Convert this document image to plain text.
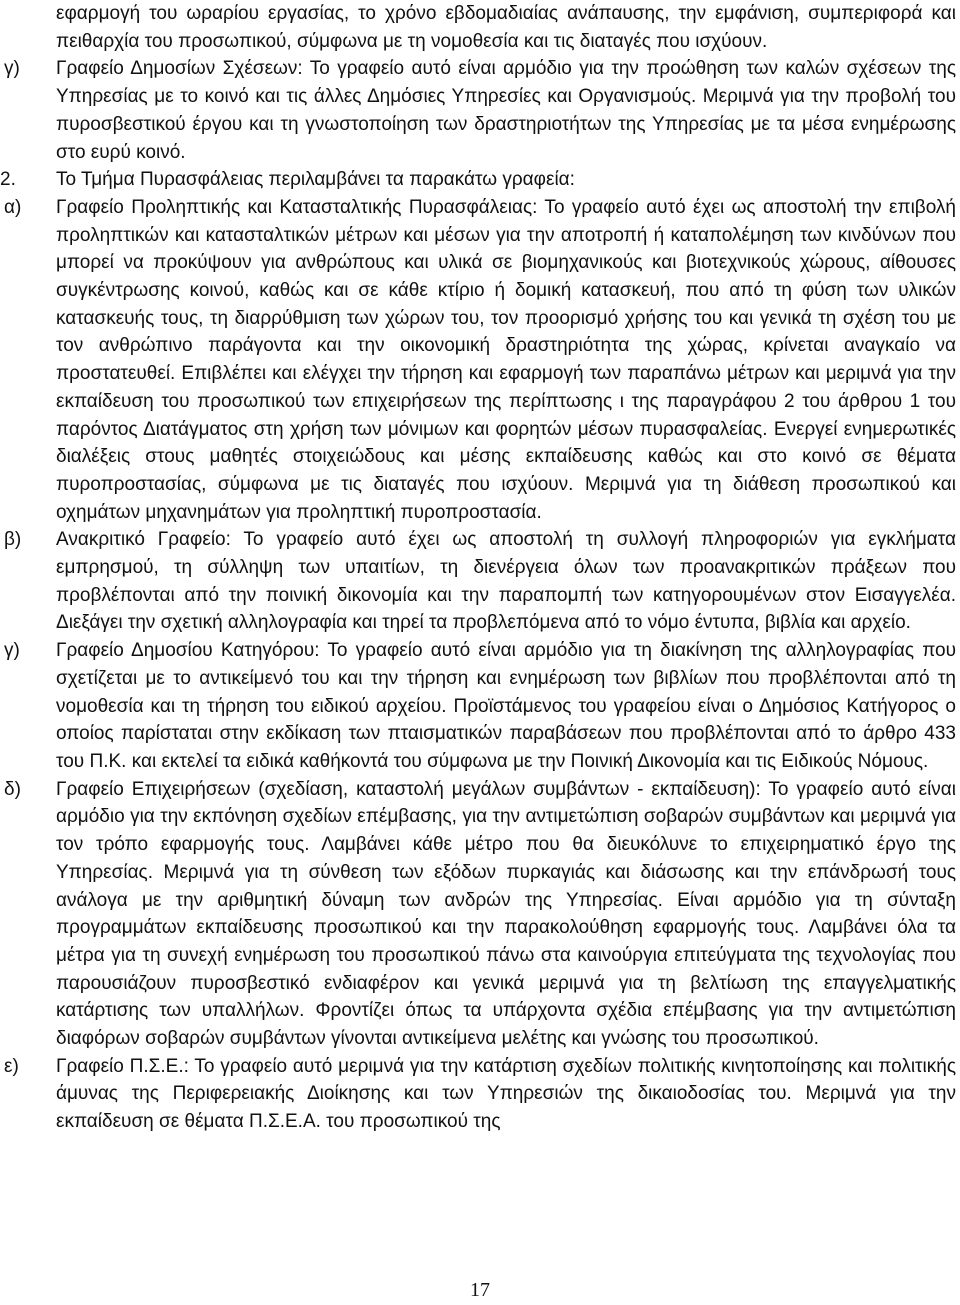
εφαρμογή του ωραρίου εργασίας, το χρόνο εβδομαδιαίας ανάπαυσης, την εμφάνιση, συμπεριφορά και πειθαρχία του προσωπικού, σύμφωνα με τη νομοθεσία και τις διαταγές που ισχύουν.

γ) Γραφείο Δημοσίων Σχέσεων: Το γραφείο αυτό είναι αρμόδιο για την προώθηση των καλών σχέσεων της Υπηρεσίας με το κοινό και τις άλλες Δημόσιες Υπηρεσίες και Οργανισμούς. Μεριμνά για την προβολή του πυροσβεστικού έργου και τη γνωστοποίηση των δραστηριοτήτων της Υπηρεσίας με τα μέσα ενημέρωσης στο ευρύ κοινό.

2. Το Τμήμα Πυρασφάλειας περιλαμβάνει τα παρακάτω γραφεία:

α) Γραφείο Προληπτικής και Κατασταλτικής Πυρασφάλειας: Το γραφείο αυτό έχει ως αποστολή την επιβολή προληπτικών και κατασταλτικών μέτρων και μέσων για την αποτροπή ή καταπολέμηση των κινδύνων που μπορεί να προκύψουν για ανθρώπους και υλικά σε βιομηχανικούς και βιοτεχνικούς χώρους, αίθουσες συγκέντρωσης κοινού, καθώς και σε κάθε κτίριο ή δομική κατασκευή, που από τη φύση των υλικών κατασκευής τους, τη διαρρύθμιση των χώρων του, τον προορισμό χρήσης του και γενικά τη σχέση του με τον ανθρώπινο παράγοντα και την οικονομική δραστηριότητα της χώρας, κρίνεται αναγκαίο να προστατευθεί. Επιβλέπει και ελέγχει την τήρηση και εφαρμογή των παραπάνω μέτρων και μεριμνά για την εκπαίδευση του προσωπικού των επιχειρήσεων της περίπτωσης ι της παραγράφου 2 του άρθρου 1 του παρόντος Διατάγματος στη χρήση των μόνιμων και φορητών μέσων πυρασφαλείας. Ενεργεί ενημερωτικές διαλέξεις στους μαθητές στοιχειώδους και μέσης εκπαίδευσης καθώς και στο κοινό σε θέματα πυροπροστασίας, σύμφωνα με τις διαταγές που ισχύουν. Μεριμνά για τη διάθεση προσωπικού και οχημάτων μηχανημάτων για προληπτική πυροπροστασία.
β) Ανακριτικό Γραφείο: Το γραφείο αυτό έχει ως αποστολή τη συλλογή πληροφοριών για εγκλήματα εμπρησμού, τη σύλληψη των υπαιτίων, τη διενέργεια όλων των προανακριτικών πράξεων που προβλέπονται από την ποινική δικονομία και την παραπομπή των κατηγορουμένων στον Εισαγγελέα. Διεξάγει την σχετική αλληλογραφία και τηρεί τα προβλεπόμενα από το νόμο έντυπα, βιβλία και αρχείο.
γ) Γραφείο Δημοσίου Κατηγόρου: Το γραφείο αυτό είναι αρμόδιο για τη διακίνηση της αλληλογραφίας που σχετίζεται με το αντικείμενό του και την τήρηση και ενημέρωση των βιβλίων που προβλέπονται από τη νομοθεσία και τη τήρηση του ειδικού αρχείου. Προϊστάμενος του γραφείου είναι ο Δημόσιος Κατήγορος ο οποίος παρίσταται στην εκδίκαση των πταισματικών παραβάσεων που προβλέπονται από το άρθρο 433 του Π.Κ. και εκτελεί τα ειδικά καθήκοντά του σύμφωνα με την Ποινική Δικονομία και τις Ειδικούς Νόμους.
δ) Γραφείο Επιχειρήσεων (σχεδίαση, καταστολή μεγάλων συμβάντων - εκπαίδευση): Το γραφείο αυτό είναι αρμόδιο για την εκπόνηση σχεδίων επέμβασης, για την αντιμετώπιση σοβαρών συμβάντων και μεριμνά για τον τρόπο εφαρμογής τους. Λαμβάνει κάθε μέτρο που θα διευκόλυνε το επιχειρηματικό έργο της Υπηρεσίας. Μεριμνά για τη σύνθεση των εξόδων πυρκαγιάς και διάσωσης και την επάνδρωσή τους ανάλογα με την αριθμητική δύναμη των ανδρών της Υπηρεσίας. Είναι αρμόδιο για τη σύνταξη προγραμμάτων εκπαίδευσης προσωπικού και την παρακολούθηση εφαρμογής τους. Λαμβάνει όλα τα μέτρα για τη συνεχή ενημέρωση του προσωπικού πάνω στα καινούργια επιτεύγματα της τεχνολογίας που παρουσιάζουν πυροσβεστικό ενδιαφέρον και γενικά μεριμνά για τη βελτίωση της επαγγελματικής κατάρτισης των υπαλλήλων. Φροντίζει όπως τα υπάρχοντα σχέδια επέμβασης για την αντιμετώπιση διαφόρων σοβαρών συμβάντων γίνονται αντικείμενα μελέτης και γνώσης του προσωπικού.
ε) Γραφείο Π.Σ.Ε.: Το γραφείο αυτό μεριμνά για την κατάρτιση σχεδίων πολιτικής κινητοποίησης και πολιτικής άμυνας της Περιφερειακής Διοίκησης και των Υπηρεσιών της δικαιοδοσίας του. Μεριμνά για την εκπαίδευση σε θέματα Π.Σ.Ε.Α. του προσωπικού της
17
